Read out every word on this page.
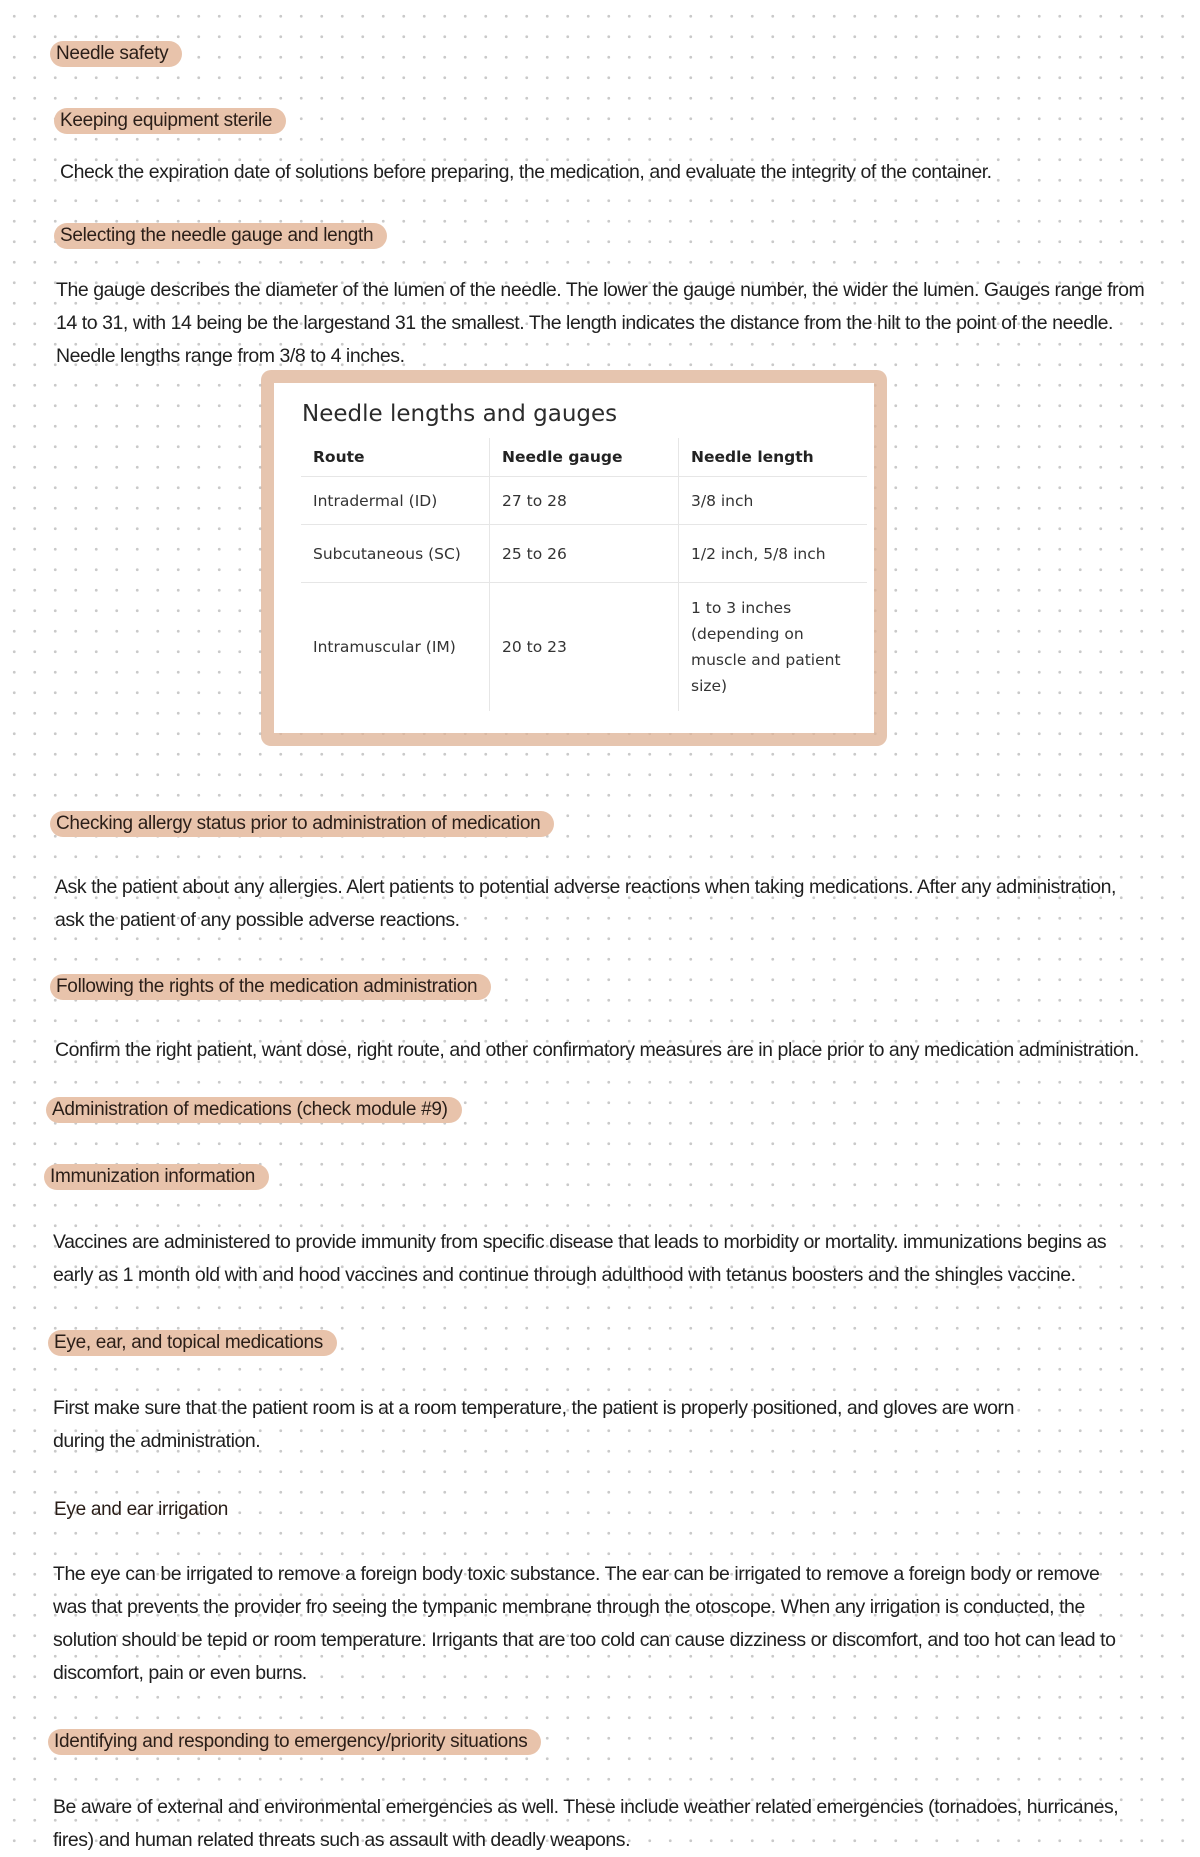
Needle safety
Keeping equipment sterile
Check the expiration date of solutions before preparing, the medication, and evaluate the integrity of the container.
Selecting the needle gauge and length
The gauge describes the diameter of the lumen of the needle. The lower the gauge number, the wider the lumen. Gauges range from 14 to 31, with 14 being be the largestand 31 the smallest. The length indicates the distance from the hilt to the point of the needle. Needle lengths range from 3/8 to 4 inches.
Needle lengths and gauges
Route	Needle gauge	Needle length
Intradermal (ID)	27 to 28	3/8 inch
Subcutaneous (SC)	25 to 26	1/2 inch, 5/8 inch
Intramuscular (IM)	20 to 23	1 to 3 inches (depending on muscle and patient size)
Checking allergy status prior to administration of medication
Ask the patient about any allergies. Alert patients to potential adverse reactions when taking medications. After any administration, ask the patient of any possible adverse reactions.
Following the rights of the medication administration
Confirm the right patient, want dose, right route, and other confirmatory measures are in place prior to any medication administration.
Administration of medications (check module #9)
Immunization information
Vaccines are administered to provide immunity from specific disease that leads to morbidity or mortality. immunizations begins as early as 1 month old with and hood vaccines and continue through adulthood with tetanus boosters and the shingles vaccine.
Eye, ear, and topical medications
First make sure that the patient room is at a room temperature, the patient is properly positioned, and gloves are worn during the administration.
Eye and ear irrigation
The eye can be irrigated to remove a foreign body toxic substance. The ear can be irrigated to remove a foreign body or remove was that prevents the provider fro seeing the tympanic membrane through the otoscope. When any irrigation is conducted, the solution should be tepid or room temperature. Irrigants that are too cold can cause dizziness or discomfort, and too hot can lead to discomfort, pain or even burns.
Identifying and responding to emergency/priority situations
Be aware of external and environmental emergencies as well. These include weather related emergencies (tornadoes, hurricanes, fires) and human related threats such as assault with deadly weapons.
